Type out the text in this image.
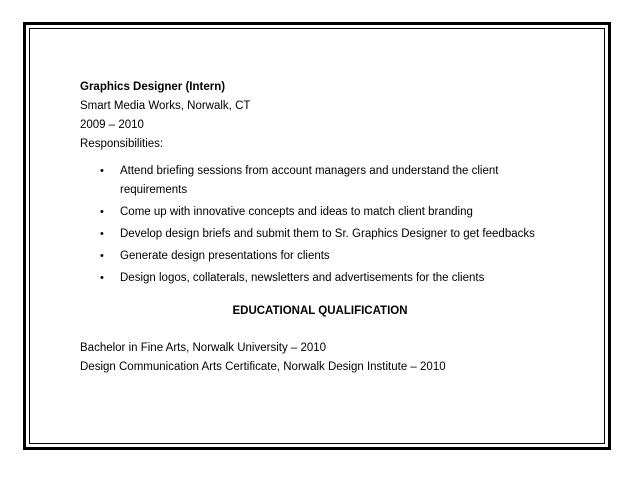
Graphics Designer (Intern)
Smart Media Works, Norwalk, CT
2009 – 2010
Responsibilities:
• Attend briefing sessions from account managers and understand the client requirements
• Come up with innovative concepts and ideas to match client branding
• Develop design briefs and submit them to Sr. Graphics Designer to get feedbacks
• Generate design presentations for clients
• Design logos, collaterals, newsletters and advertisements for the clients
EDUCATIONAL QUALIFICATION
Bachelor in Fine Arts, Norwalk University – 2010
Design Communication Arts Certificate, Norwalk Design Institute – 2010
